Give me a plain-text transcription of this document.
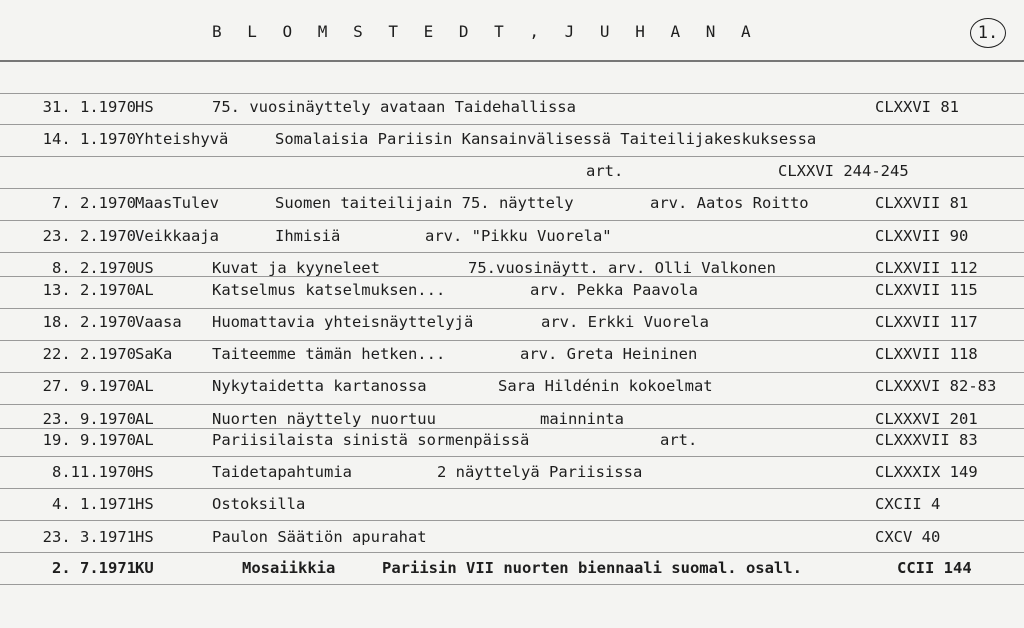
B L O M S T E D T , J U H A N A	1.
31. 1.1970 HS	75. vuosinäyttely avataan Taidehallissa	CLXXVI 81
14. 1.1970 Yhteishyvä	Somalaisia Pariisin Kansainvälisessä Taiteilijakeskuksessa
art.	CLXXVI 244-245
7. 2.1970 MaasTulev	Suomen taiteilijain 75. näyttely	arv. Aatos Roitto	CLXXVII 81
23. 2.1970 Veikkaaja	Ihmisiä	arv. "Pikku Vuorela"	CLXXVII 90
8. 2.1970 US	Kuvat ja kyyneleet	75.vuosinäytt. arv. Olli Valkonen	CLXXVII 112
13. 2.1970 AL	Katselmus katselmuksen...	arv. Pekka Paavola	CLXXVII 115
18. 2.1970 Vaasa Huomattavia yhteisnäyttelyjä	arv. Erkki Vuorela	CLXXVII 117
22. 2.1970 SaKa	Taiteemme tämän hetken...	arv. Greta Heininen	CLXXVII 118
27. 9.1970 AL	Nykytaidetta kartanossa	Sara Hildénin kokoelmat	CLXXXVI 82-83
23. 9.1970 AL	Nuorten näyttely nuortuu	mainninta	CLXXXVI 201
19. 9.1970 AL	Pariisilaista sinistä sormenpäissä	art.	CLXXXVII 83
8.11.1970 HS	Taidetapahtumia	2 näyttelyä Pariisissa	CLXXXIX 149
4. 1.1971 HS	Ostoksilla	CXCII 4
23. 3.1971 HS	Paulon Säätiön apurahat	CXCV 40
2. 7.1971 KU	Mosaiikkia	Pariisin VII nuorten biennaali suomal. osall.	CCII 144
